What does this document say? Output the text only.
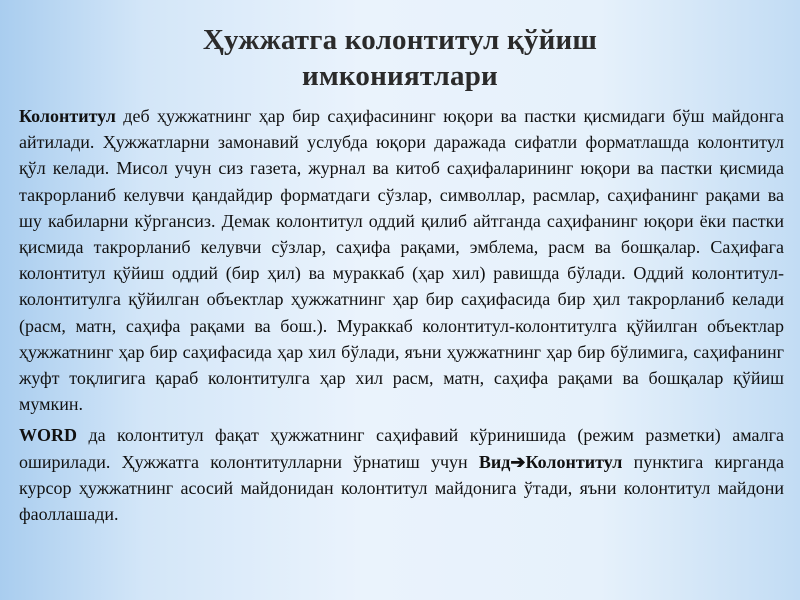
Ҳужжатга колонтитул қўйиш
имкониятлари

Колонтитул деб ҳужжатнинг ҳар бир саҳифасининг юқори ва пастки қисмидаги бўш майдонга айтилади. Ҳужжатларни замонавий услубда юқори даражада сифатли форматлашда колонтитул қўл келади. Мисол учун сиз газета, журнал ва китоб саҳифаларининг юқори ва пастки қисмида такрорланиб келувчи қандайдир форматдаги сўзлар, символлар, расмлар, саҳифанинг рақами ва шу кабиларни кўргансиз. Демак колонтитул оддий қилиб айтганда саҳифанинг юқори ёки пастки қисмида такрорланиб келувчи сўзлар, саҳифа рақами, эмблема, расм ва бошқалар. Саҳифага колонтитул қўйиш оддий (бир ҳил) ва мураккаб (ҳар хил) равишда бўлади. Оддий колонтитул-колонтитулга қўйилган объектлар ҳужжатнинг ҳар бир саҳифасида бир ҳил такрорланиб келади (расм, матн, саҳифа рақами ва бош.). Мураккаб колонтитул-колонтитулга қўйилган объектлар ҳужжатнинг ҳар бир саҳифасида ҳар хил бўлади, яъни ҳужжатнинг ҳар бир бўлимига, саҳифанинг жуфт тоқлигига қараб колонтитулга ҳар хил расм, матн, саҳифа рақами ва бошқалар қўйиш мумкин.

WORD да колонтитул фақат ҳужжатнинг саҳифавий кўринишида (режим разметки) амалга оширилади. Ҳужжатга колонтитулларни ўрнатиш учун Вид➔Колонтитул пунктига кирганда курсор ҳужжатнинг асосий майдонидан колонтитул майдонига ўтади, яъни колонтитул майдони фаоллашади.
